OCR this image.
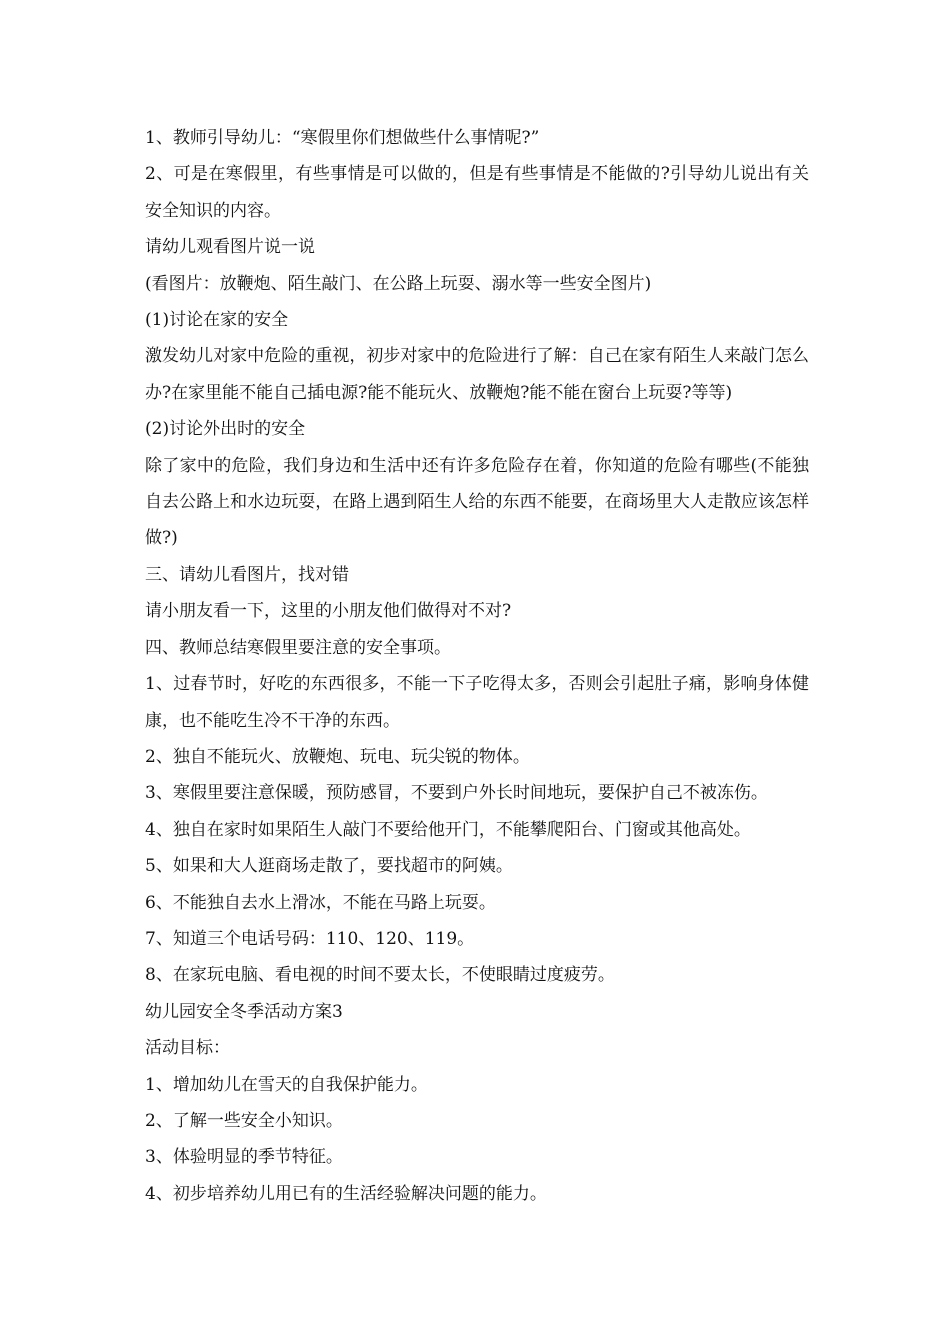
1、教师引导幼儿：“寒假里你们想做些什么事情呢?”

2、可是在寒假里，有些事情是可以做的，但是有些事情是不能做的?引导幼儿说出有关安全知识的内容。

请幼儿观看图片说一说

(看图片：放鞭炮、陌生敲门、在公路上玩耍、溺水等一些安全图片)

(1)讨论在家的安全

激发幼儿对家中危险的重视，初步对家中的危险进行了解：自己在家有陌生人来敲门怎么办?在家里能不能自己插电源?能不能玩火、放鞭炮?能不能在窗台上玩耍?等等)

(2)讨论外出时的安全

除了家中的危险，我们身边和生活中还有许多危险存在着，你知道的危险有哪些(不能独自去公路上和水边玩耍，在路上遇到陌生人给的东西不能要，在商场里大人走散应该怎样做?)

三、请幼儿看图片，找对错

请小朋友看一下，这里的小朋友他们做得对不对?

四、教师总结寒假里要注意的安全事项。

1、过春节时，好吃的东西很多，不能一下子吃得太多，否则会引起肚子痛，影响身体健康，也不能吃生冷不干净的东西。

2、独自不能玩火、放鞭炮、玩电、玩尖锐的物体。

3、寒假里要注意保暖，预防感冒，不要到户外长时间地玩，要保护自己不被冻伤。

4、独自在家时如果陌生人敲门不要给他开门，不能攀爬阳台、门窗或其他高处。

5、如果和大人逛商场走散了，要找超市的阿姨。

6、不能独自去水上滑冰，不能在马路上玩耍。

7、知道三个电话号码：110、120、119。

8、在家玩电脑、看电视的时间不要太长，不使眼睛过度疲劳。

幼儿园安全冬季活动方案3

活动目标：

1、增加幼儿在雪天的自我保护能力。

2、了解一些安全小知识。

3、体验明显的季节特征。

4、初步培养幼儿用已有的生活经验解决问题的能力。
